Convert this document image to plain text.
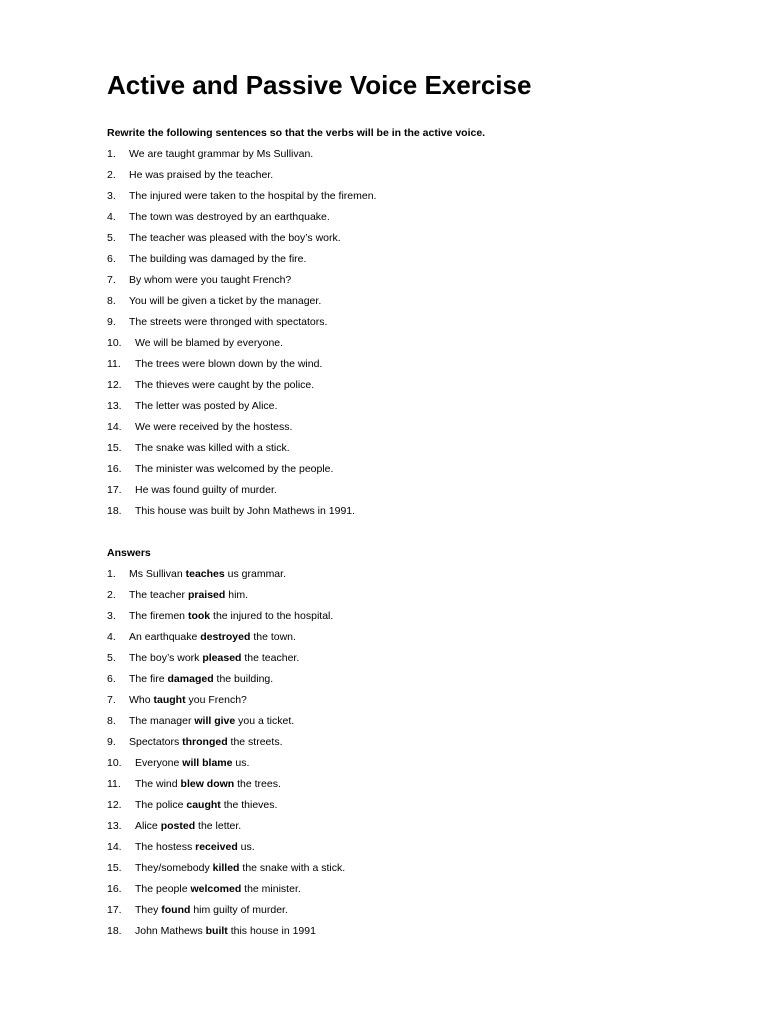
Active and Passive Voice Exercise
Rewrite the following sentences so that the verbs will be in the active voice.
1. We are taught grammar by Ms Sullivan.
2. He was praised by the teacher.
3. The injured were taken to the hospital by the firemen.
4. The town was destroyed by an earthquake.
5. The teacher was pleased with the boy’s work.
6. The building was damaged by the fire.
7. By whom were you taught French?
8. You will be given a ticket by the manager.
9. The streets were thronged with spectators.
10. We will be blamed by everyone.
11. The trees were blown down by the wind.
12. The thieves were caught by the police.
13. The letter was posted by Alice.
14. We were received by the hostess.
15. The snake was killed with a stick.
16. The minister was welcomed by the people.
17. He was found guilty of murder.
18. This house was built by John Mathews in 1991.
Answers
1. Ms Sullivan teaches us grammar.
2. The teacher praised him.
3. The firemen took the injured to the hospital.
4. An earthquake destroyed the town.
5. The boy’s work pleased the teacher.
6. The fire damaged the building.
7. Who taught you French?
8. The manager will give you a ticket.
9. Spectators thronged the streets.
10. Everyone will blame us.
11. The wind blew down the trees.
12. The police caught the thieves.
13. Alice posted the letter.
14. The hostess received us.
15. They/somebody killed the snake with a stick.
16. The people welcomed the minister.
17. They found him guilty of murder.
18. John Mathews built this house in 1991
